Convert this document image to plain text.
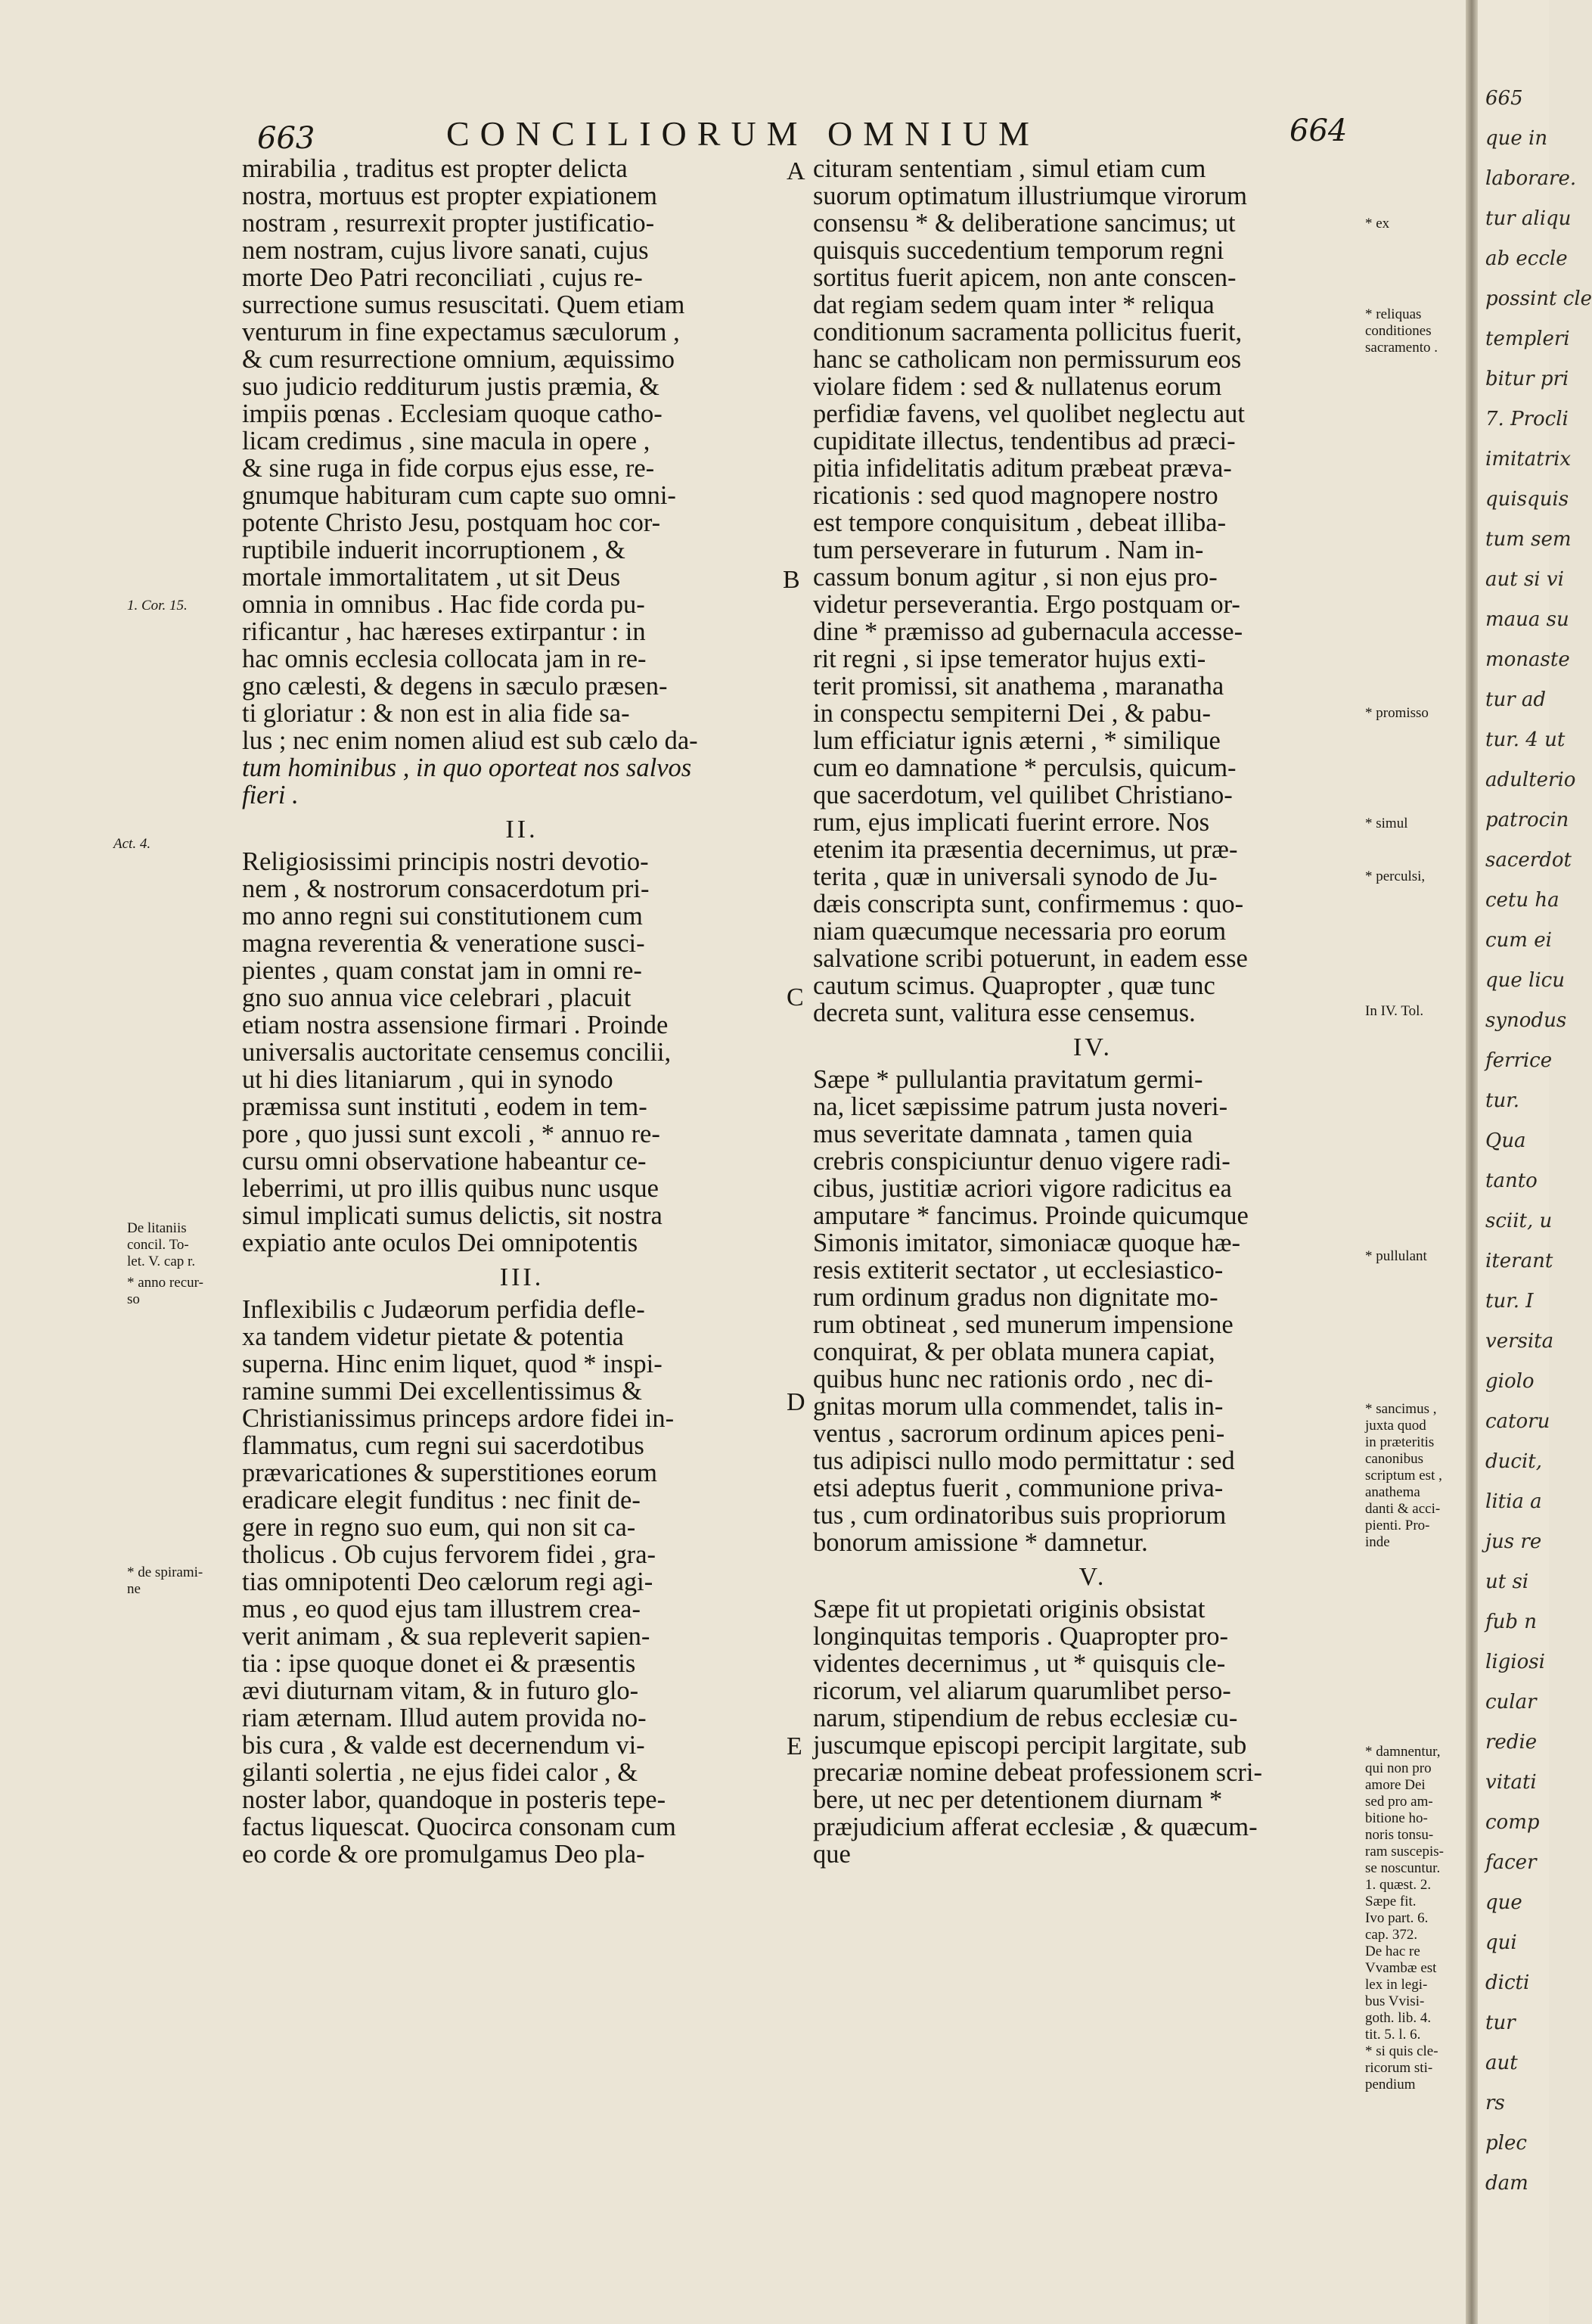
663	CONCILIORUM OMNIUM	664
mirabilia , traditus est propter delicta
nostra, mortuus est propter expiationem
nostram , resurrexit propter justificatio-
nem nostram, cujus livore sanati, cujus
morte Deo Patri reconciliati , cujus re-
surrectione sumus resuscitati. Quem etiam
venturum in fine expectamus sæculorum ,
& cum resurrectione omnium, æquissimo
suo judicio redditurum justis præmia, &
impiis pœnas . Ecclesiam quoque catho-
licam credimus , sine macula in opere ,
& sine ruga in fide corpus ejus esse, re-
gnumque habituram cum capte suo omni-
potente Christo Jesu, postquam hoc cor-
ruptibile induerit incorruptionem , &
mortale immortalitatem , ut sit Deus
omnia in omnibus . Hac fide corda pu-
rificantur , hac hæreses extirpantur : in
hac omnis ecclesia collocata jam in re-
gno cælesti, & degens in sæculo præsen-
ti gloriatur : & non est in alia fide sa-
lus ; nec enim nomen aliud est sub cælo da-
tum hominibus , in quo oporteat nos salvos
fieri .
II.
Religiosissimi principis nostri devotio-
nem , & nostrorum consacerdotum pri-
mo anno regni sui constitutionem cum
magna reverentia & veneratione susci-
pientes , quam constat jam in omni re-
gno suo annua vice celebrari , placuit
etiam nostra assensione firmari . Proinde
universalis auctoritate censemus concilii,
ut hi dies litaniarum , qui in synodo
præmissa sunt instituti , eodem in tem-
pore , quo jussi sunt excoli , * annuo re-
cursu omni observatione habeantur ce-
leberrimi, ut pro illis quibus nunc usque
simul implicati sumus delictis, sit nostra
expiatio ante oculos Dei omnipotentis
III.
Inflexibilis c Judæorum perfidia defle-
xa tandem videtur pietate & potentia
superna. Hinc enim liquet, quod * inspi-
ramine summi Dei excellentissimus &
Christianissimus princeps ardore fidei in-
flammatus, cum regni sui sacerdotibus
prævaricationes & superstitiones eorum
eradicare elegit funditus : nec finit de-
gere in regno suo eum, qui non sit ca-
tholicus . Ob cujus fervorem fidei , gra-
tias omnipotenti Deo cælorum regi agi-
mus , eo quod ejus tam illustrem crea-
verit animam , & sua repleverit sapien-
tia : ipse quoque donet ei & præsentis
ævi diuturnam vitam, & in futuro glo-
riam æternam. Illud autem provida no-
bis cura , & valde est decernendum vi-
gilanti solertia , ne ejus fidei calor , &
noster labor, quandoque in posteris tepe-
factus liquescat. Quocirca consonam cum
eo corde & ore promulgamus Deo pla-
cituram sententiam , simul etiam cum
suorum optimatum illustriumque virorum
consensu * & deliberatione sancimus; ut
quisquis succedentium temporum regni
sortitus fuerit apicem, non ante conscen-
dat regiam sedem quam inter * reliqua
conditionum sacramenta pollicitus fuerit,
hanc se catholicam non permissurum eos
violare fidem : sed & nullatenus eorum
perfidiæ favens, vel quolibet neglectu aut
cupiditate illectus, tendentibus ad præci-
pitia infidelitatis aditum præbeat præva-
ricationis : sed quod magnopere nostro
est tempore conquisitum , debeat illiba-
tum perseverare in futurum . Nam in-
cassum bonum agitur , si non ejus pro-
videtur perseverantia. Ergo postquam or-
dine * præmisso ad gubernacula accesse-
rit regni , si ipse temerator hujus exti-
terit promissi, sit anathema , maranatha
in conspectu sempiterni Dei , & pabu-
lum efficiatur ignis æterni , * similique
cum eo damnatione * perculsis, quicum-
que sacerdotum, vel quilibet Christiano-
rum, ejus implicati fuerint errore. Nos
etenim ita præsentia decernimus, ut præ-
terita , quæ in universali synodo de Ju-
dæis conscripta sunt, confirmemus : quo-
niam quæcumque necessaria pro eorum
salvatione scribi potuerunt, in eadem esse
cautum scimus. Quapropter , quæ tunc
decreta sunt, valitura esse censemus.
IV.
Sæpe * pullulantia pravitatum germi-
na, licet sæpissime patrum justa noveri-
mus severitate damnata , tamen quia
crebris conspiciuntur denuo vigere radi-
cibus, justitiæ acriori vigore radicitus ea
amputare * fancimus. Proinde quicumque
Simonis imitator, simoniacæ quoque hæ-
resis extiterit sectator , ut ecclesiastico-
rum ordinum gradus non dignitate mo-
rum obtineat , sed munerum impensione
conquirat, & per oblata munera capiat,
quibus hunc nec rationis ordo , nec di-
gnitas morum ulla commendet, talis in-
ventus , sacrorum ordinum apices peni-
tus adipisci nullo modo permittatur : sed
etsi adeptus fuerit , communione priva-
tus , cum ordinatoribus suis propriorum
bonorum amissione * damnetur.
V.
Sæpe fit ut propietati originis obsistat
longinquitas temporis . Quapropter pro-
videntes decernimus , ut * quisquis cle-
ricorum, vel aliarum quarumlibet perso-
narum, stipendium de rebus ecclesiæ cu-
juscumque episcopi percipit largitate, sub
precariæ nomine debeat professionem scri-
bere, ut nec per detentionem diurnam *
præjudicium afferat ecclesiæ , & quæcum-
que
A
B
C
D
E
1. Cor. 15.
Act. 4.
De litaniis
concil. To-
let. V. cap r.
* anno recur-
so
* de spirami-
ne
* ex
* reliquas
conditiones
sacramento .
* promisso
* simul
* perculsi,
In IV. Tol.
* pullulant
* sancimus ,
juxta quod
in præteritis
canonibus
scriptum est ,
anathema
danti & acci-
pienti. Pro-
inde
* damnentur,
qui non pro
amore Dei
sed pro am-
bitione ho-
noris tonsu-
ram suscepis-
se noscuntur.
1. quæst. 2.
Sæpe fit.
Ivo part. 6.
cap. 372.
De hac re
Vvambæ est
lex in legi-
bus Vvisi-
goth. lib. 4.
tit. 5. l. 6.
* si quis cle-
ricorum sti-
pendium
665
que in
laborare.
tur aliqu
ab eccle
possint cle
templeri
bitur pri
7. Procli
imitatrix
quisquis
tum sem
aut si vi
maua su
monaste
tur ad
tur. 4 ut
adulterio
patrocin
sacerdot
cetu ha
cum ei
que licu
synodus
ferrice
tur.
Qua
tanto
sciit, u
iterant
tur. I
versita
giolo
catoru
ducit,
litia a
jus re
ut si
fub n
ligiosi
cular
redie
vitati
comp
facer
que
qui
dicti
tur
aut
rs
plec
dam
